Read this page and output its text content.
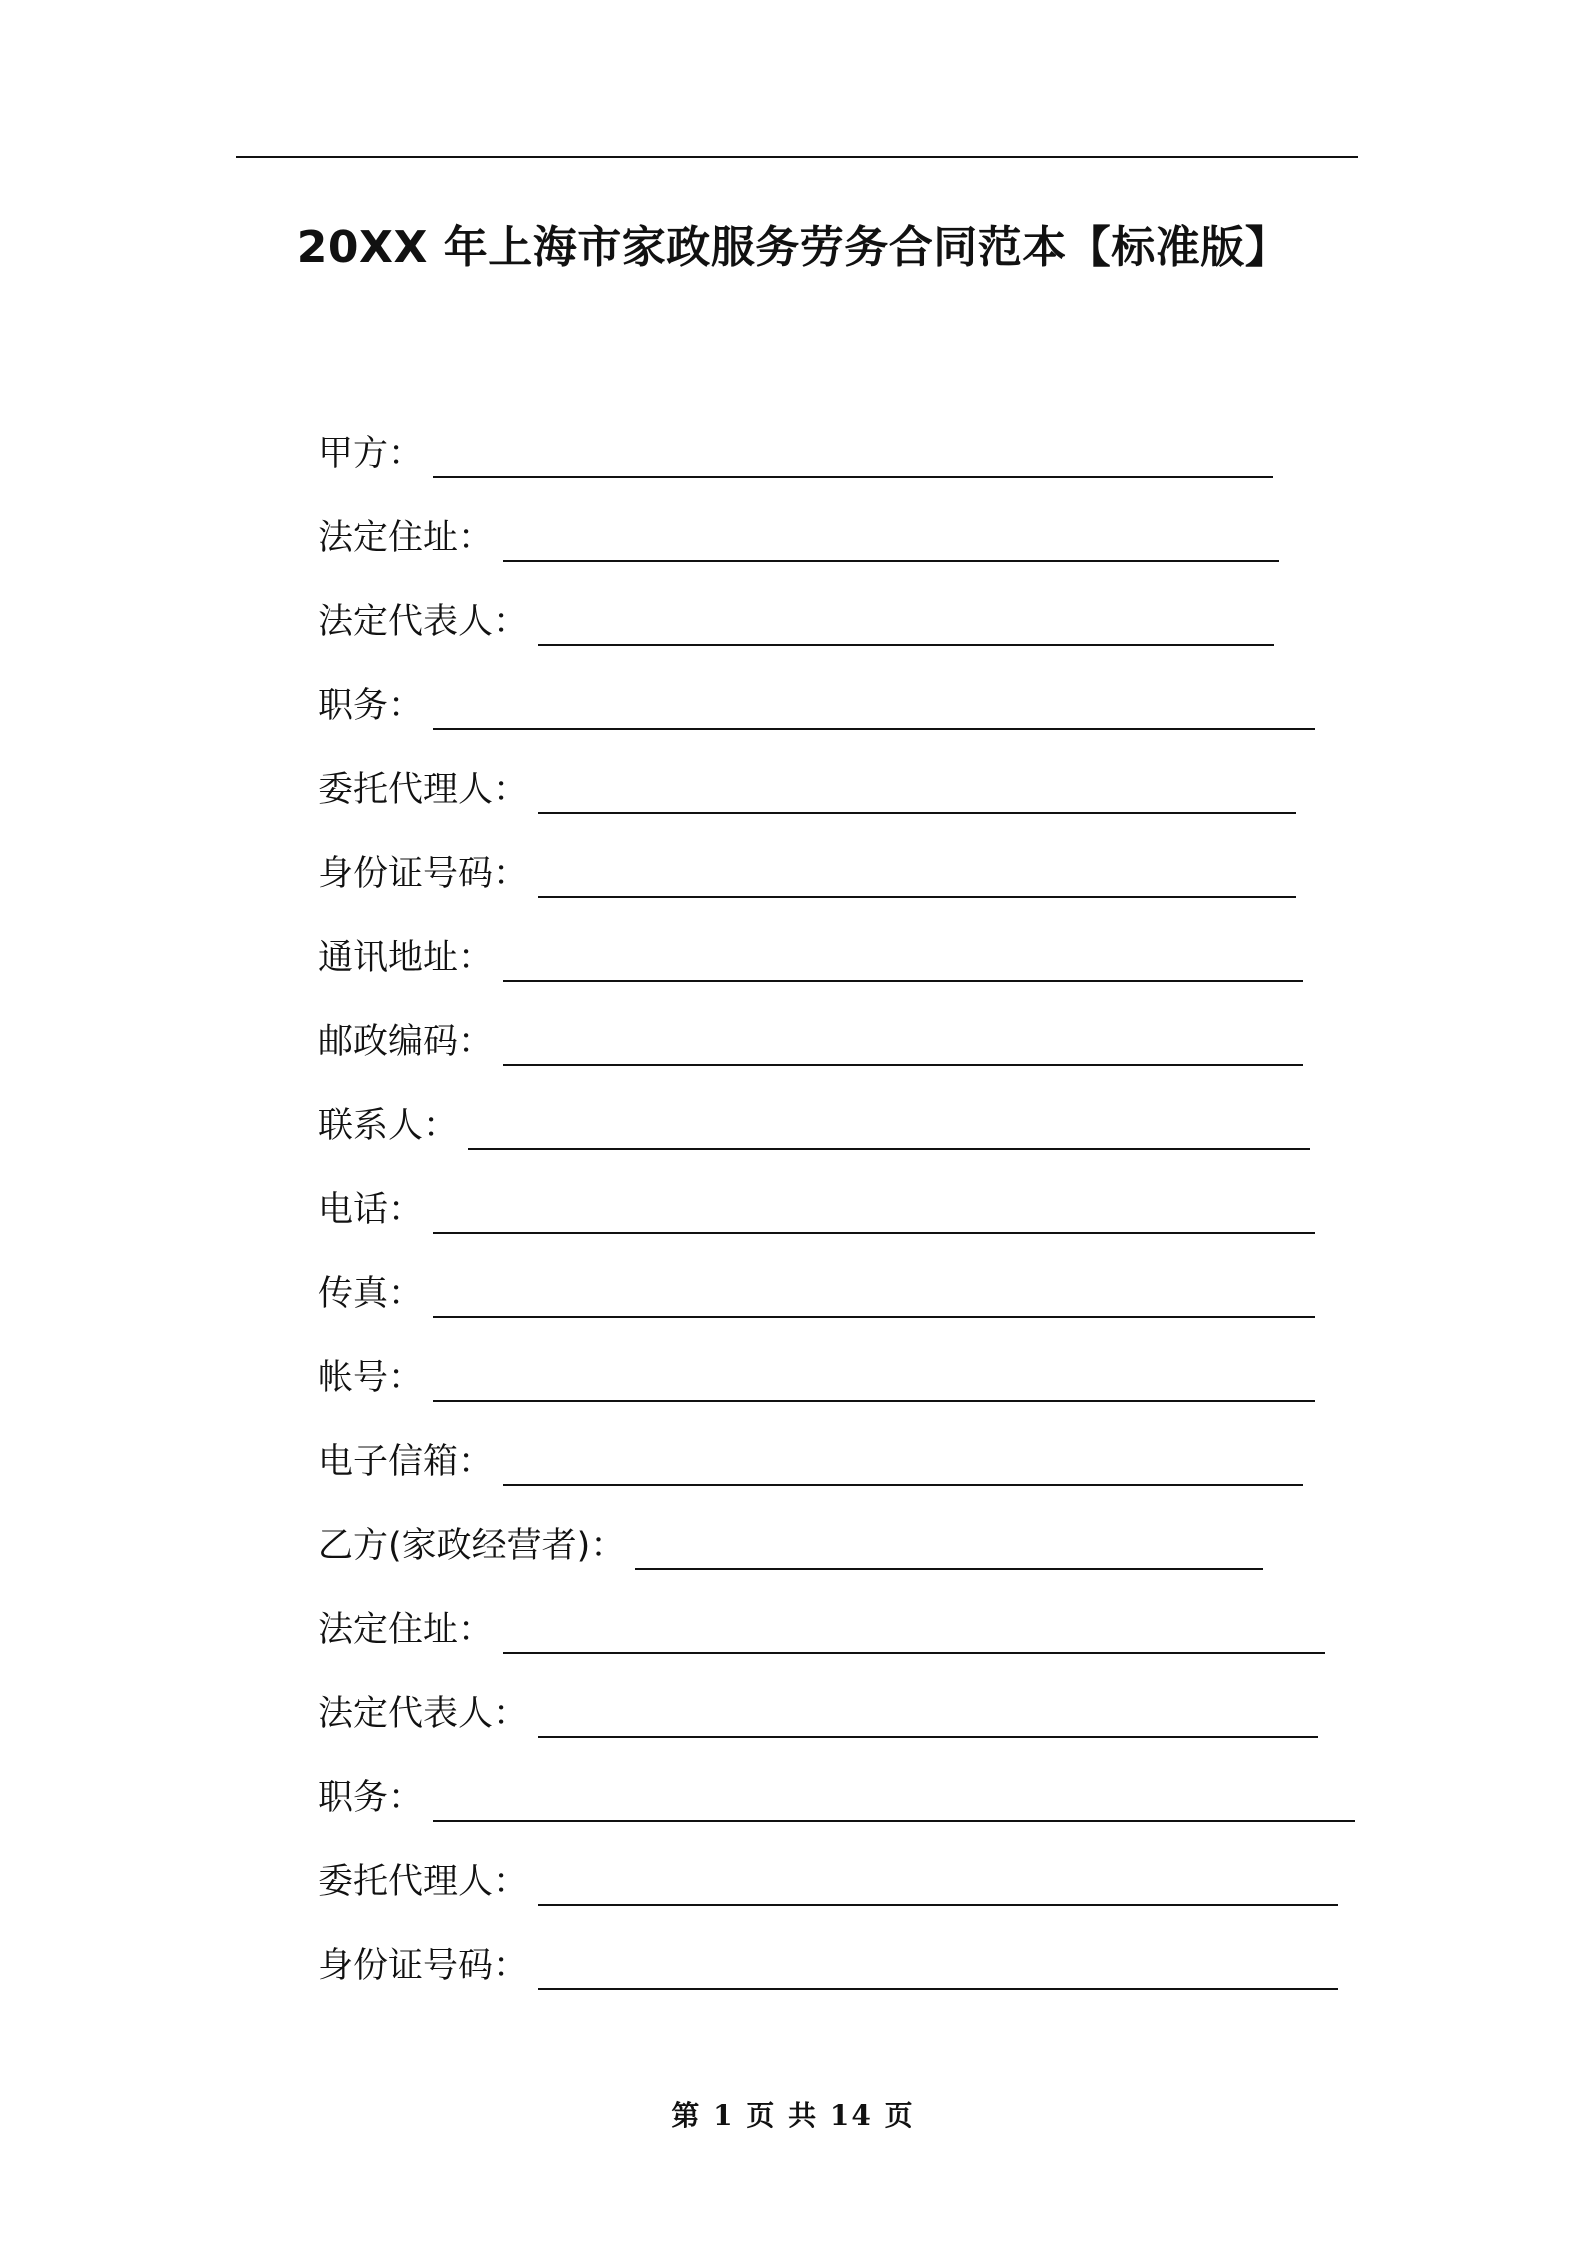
20XX 年上海市家政服务劳务合同范本【标准版】
甲方 ：
法定住址 ：
法定代表人 ：
职务 ：
委托代理人 ：
身份证号码 ：
通讯地址 ：
邮政编码 ：
联系人 ：
电话 ：
传真 ：
帐号 ：
电子信箱 ：
乙方(家政经营者) ：
法定住址 ：
法定代表人 ：
职务 ：
委托代理人 ：
身份证号码 ：
第 1 页 共 14 页
